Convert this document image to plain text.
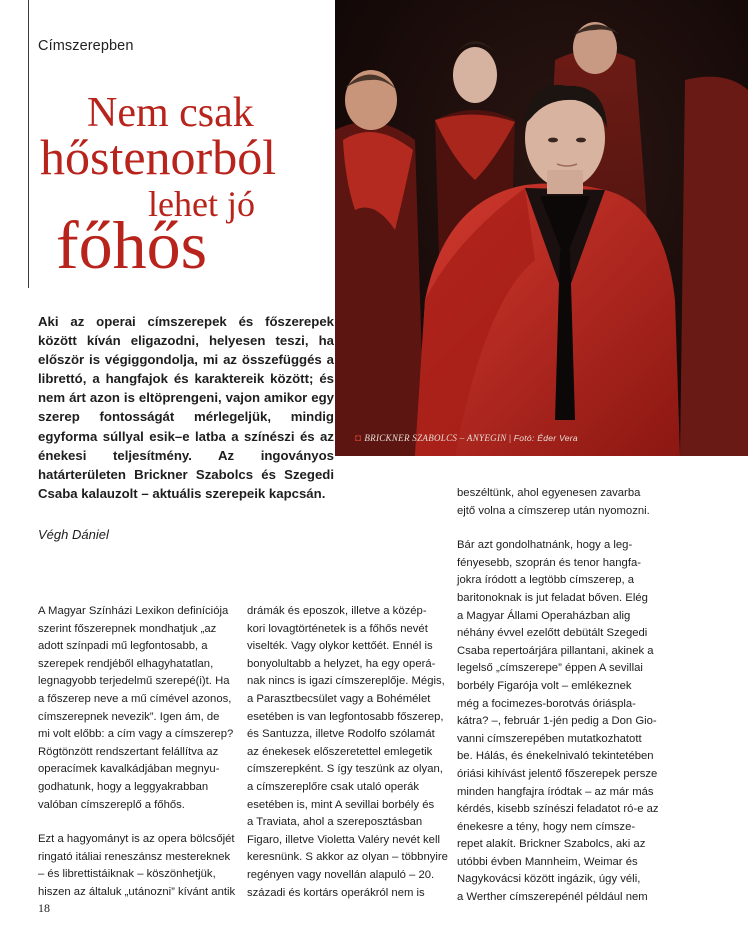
Címszerepben
Nem csak
hőstenorból
lehet jó
főhős
◘ BRICKNER SZABOLCS – ANYEGIN | Fotó: Éder Vera

Aki az operai címszerepek és főszerepek között kíván eligazodni, helyesen teszi, ha először is végiggondolja, mi az összefüggés a librettó, a hangfajok és karaktereik között; és nem árt azon is eltöprengeni, vajon amikor egy szerep fontosságát mérlegeljük, mindig egyforma súllyal esik–e latba a színészi és az énekesi teljesítmény. Az ingoványos határterületen Brickner Szabolcs és Szegedi Csaba kalauzolt – aktuális szerepeik kapcsán.

Végh Dániel
A Magyar Színházi Lexikon definíciója
szerint főszerepnek mondhatjuk „az
adott színpadi mű legfontosabb, a
szerepek rendjéből elhagyhatatlan,
legnagyobb terjedelmű szerepé(i)t. Ha
a főszerep neve a mű címével azonos,
címszerepnek nevezik”. Igen ám, de
mi volt előbb: a cím vagy a címszerep?
Rögtönzött rendszertant felállítva az
operacímek kavalkádjában megnyu-
godhatunk, hogy a leggyakrabban
valóban címszereplő a főhős.
Ezt a hagyományt is az opera bölcsőjét
ringató itáliai reneszánsz mestereknek
– és librettistáiknak – köszönhetjük,
hiszen az általuk „utánozni” kívánt antik
drámák és eposzok, illetve a közép-
kori lovagtörténetek is a főhős nevét
viselték. Vagy olykor kettőét. Ennél is
bonyolultabb a helyzet, ha egy operá-
nak nincs is igazi címszereplője. Mégis,
a Parasztbecsület vagy a Bohémélet
esetében is van legfontosabb főszerep,
és Santuzza, illetve Rodolfo szólamát
az énekesek előszeretettel emlegetik
címszerepként. S így teszünk az olyan,
a címszereplőre csak utaló operák
esetében is, mint A sevillai borbély és
a Traviata, ahol a szereposztásban
Figaro, illetve Violetta Valéry nevét kell
keresnünk. S akkor az olyan – többnyire
regényen vagy novellán alapuló – 20.
századi és kortárs operákról nem is
beszéltünk, ahol egyenesen zavarba
ejtő volna a címszerep után nyomozni.
Bár azt gondolhatnánk, hogy a leg-
fényesebb, szoprán és tenor hangfa-
jokra íródott a legtöbb címszerep, a
baritonoknak is jut feladat bőven. Elég
a Magyar Állami Operaházban alig
néhány évvel ezelőtt debütált Szegedi
Csaba repertoárjára pillantani, akinek a
legelső „címszerepe” éppen A sevillai
borbély Figarója volt – emlékeznek
még a focimezes-borotvás óriáspla-
kátra? –, február 1-jén pedig a Don Gio-
vanni címszerepében mutatkozhatott
be. Hálás, és énekelnivaló tekintetében
óriási kihívást jelentő főszerepek persze
minden hangfajra íródtak – az már más
kérdés, kisebb színészi feladatot ró-e az
énekesre a tény, hogy nem címsze-
repet alakít. Brickner Szabolcs, aki az
utóbbi évben Mannheim, Weimar és
Nagykovácsi között ingázik, úgy véli,
a Werther címszerepénél például nem
18
